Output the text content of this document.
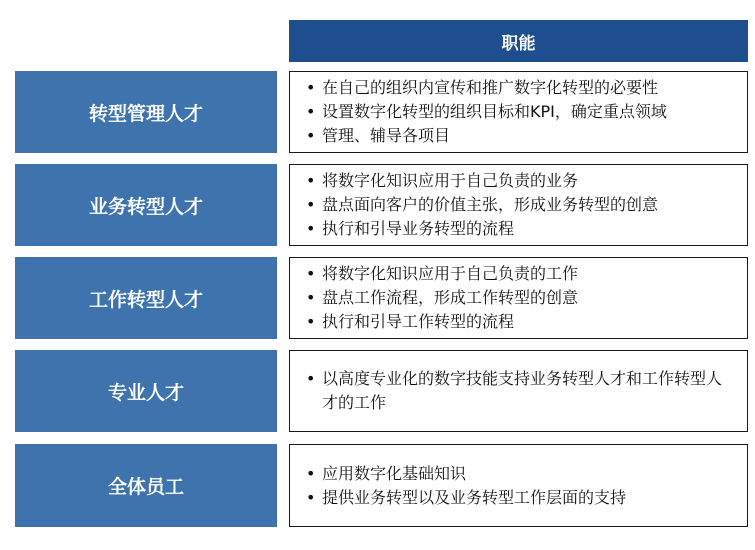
职能
转型管理人才
• 在自己的组织内宣传和推广数字化转型的必要性
• 设置数字化转型的组织目标和KPI，确定重点领域
• 管理、辅导各项目
业务转型人才
• 将数字化知识应用于自己负责的业务
• 盘点面向客户的价值主张，形成业务转型的创意
• 执行和引导业务转型的流程
工作转型人才
• 将数字化知识应用于自己负责的工作
• 盘点工作流程，形成工作转型的创意
• 执行和引导工作转型的流程
专业人才
• 以高度专业化的数字技能支持业务转型人才和工作转型人才的工作
全体员工
• 应用数字化基础知识
• 提供业务转型以及业务转型工作层面的支持
